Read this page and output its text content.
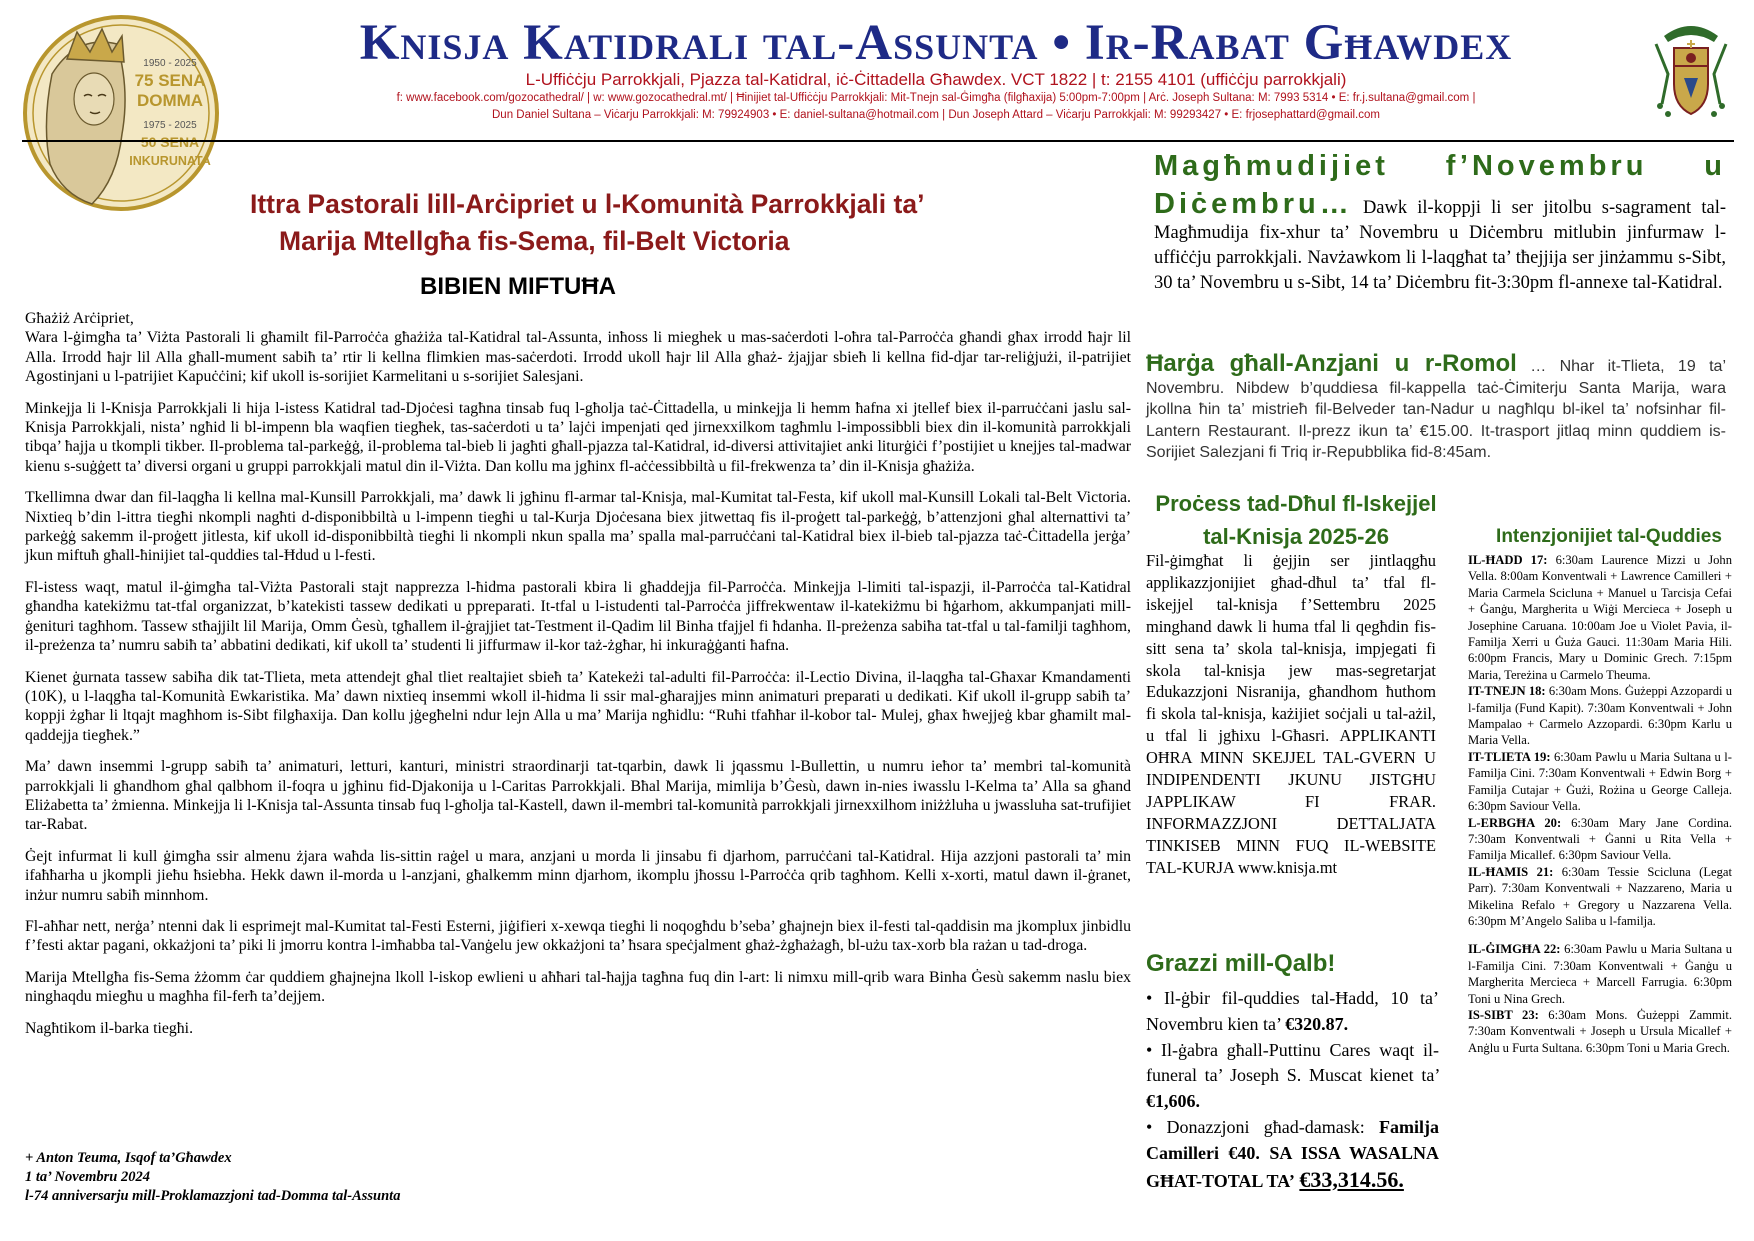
1950 - 2025
75 SENA
DOMMA
1975 - 2025
50 SENA
INKURUNATA
Knisja Katidrali tal-Assunta • Ir-Rabat Għawdex
L-Uffiċċju Parrokkjali, Pjazza tal-Katidral, iċ-Ċittadella Għawdex. VCT 1822 | t: 2155 4101 (uffiċċju parrokkjali)
f: www.facebook.com/gozocathedral/ | w: www.gozocathedral.mt/ | Ħinijiet tal-Uffiċċju Parrokkjali: Mit-Tnejn sal-Ġimgħa (filgħaxija) 5:00pm-7:00pm | Arċ. Joseph Sultana: M: 7993 5314 • E: fr.j.sultana@gmail.com |
Dun Daniel Sultana – Viċarju Parrokkjali: M: 79924903 • E: daniel-sultana@hotmail.com | Dun Joseph Attard – Viċarju Parrokkjali: M: 99293427 • E: frjosephattard@gmail.com
Ittra Pastorali lill-Arċipriet u l-Komunità Parrokkjali ta’
Marija Mtellgħa fis-Sema, fil-Belt Victoria
BIBIEN MIFTUĦA

Għażiż Arċipriet,

Wara l-ġimgħa ta’ Viżta Pastorali li għamilt fil-Parroċċa għażiża tal-Katidral tal-Assunta, inħoss li mieghek u mas-saċerdoti l-oħra tal-Parroċċa għandi għax irrodd ħajr lil Alla. Irrodd ħajr lil Alla għall-mument sabiħ ta’ rtir li kellna flimkien mas-saċerdoti. Irrodd ukoll ħajr lil Alla għaż- żjajjar sbieħ li kellna fid-djar tar-reliġjużi, il-patrijiet Agostinjani u l-patrijiet Kapuċċini; kif ukoll is-sorijiet Karmelitani u s-sorijiet Salesjani.

Minkejja li l-Knisja Parrokkjali li hija l-istess Katidral tad-Djoċesi tagħna tinsab fuq l-għolja taċ-Ċittadella, u minkejja li hemm ħafna xi jtellef biex il-parruċċani jaslu sal-Knisja Parrokkjali, nista’ ngħid li bl-impenn bla waqfien tiegħek, tas-saċerdoti u ta’ lajċi impenjati qed jirnexxilkom tagħmlu l-impossibbli biex din il-komunità parrokkjali tibqa’ ħajja u tkompli tikber. Il-problema tal-parkeġġ, il-problema tal-bieb li jagħti għall-pjazza tal-Katidral, id-diversi attivitajiet anki liturġiċi f’postijiet u knejjes tal-madwar kienu s-suġġett ta’ diversi organi u gruppi parrokkjali matul din il-Viżta. Dan kollu ma jgħinx fl-aċċessibbiltà u fil-frekwenza ta’ din il-Knisja għażiża.

Tkellimna dwar dan fil-laqgħa li kellna mal-Kunsill Parrokkjali, ma’ dawk li jgħinu fl-armar tal-Knisja, mal-Kumitat tal-Festa, kif ukoll mal-Kunsill Lokali tal-Belt Victoria. Nixtieq b’din l-ittra tiegħi nkompli nagħti d-disponibbiltà u l-impenn tiegħi u tal-Kurja Djoċesana biex jitwettaq fis il-proġett tal-parkeġġ, b’attenzjoni għal alternattivi ta’ parkeġġ sakemm il-proġett jitlesta, kif ukoll id-disponibbiltà tiegħi li nkompli nkun spalla ma’ spalla mal-parruċċani tal-Katidral biex il-bieb tal-pjazza taċ-Ċittadella jerġa’ jkun miftuħ għall-ħinijiet tal-quddies tal-Ħdud u l-festi.

Fl-istess waqt, matul il-ġimgħa tal-Viżta Pastorali stajt napprezza l-ħidma pastorali kbira li għaddejja fil-Parroċċa. Minkejja l-limiti tal-ispazji, il-Parroċċa tal-Katidral għandha katekiżmu tat-tfal organizzat, b’katekisti tassew dedikati u ppreparati. It-tfal u l-istudenti tal-Parroċċa jiffrekwentaw il-katekiżmu bi ħġarhom, akkumpanjati mill-ġenituri tagħhom. Tassew stħajjilt lil Marija, Omm Ġesù, tgħallem il-ġrajjiet tat-Testment il-Qadim lil Binha tfajjel fi ħdanha. Il-preżenza sabiħa tat-tfal u tal-familji tagħhom, il-preżenza ta’ numru sabiħ ta’ abbatini dedikati, kif ukoll ta’ studenti li jiffurmaw il-kor taż-żgħar, hi inkuraġġanti ħafna.

Kienet ġurnata tassew sabiħa dik tat-Tlieta, meta attendejt għal tliet realtajiet sbieħ ta’ Katekeżi tal-adulti fil-Parroċċa: il-Lectio Divina, il-laqgħa tal-Għaxar Kmandamenti (10K), u l-laqgħa tal-Komunità Ewkaristika. Ma’ dawn nixtieq insemmi wkoll il-ħidma li ssir mal-għarajjes minn animaturi preparati u dedikati. Kif ukoll il-grupp sabiħ ta’ koppji żgħar li ltqajt magħhom is-Sibt filgħaxija. Dan kollu jġegħelni ndur lejn Alla u ma’ Marija ngħidlu: “Ruħi tfaħħar il-kobor tal- Mulej, għax ħwejjeġ kbar għamilt mal-qaddejja tiegħek.”

Ma’ dawn insemmi l-grupp sabiħ ta’ animaturi, letturi, kanturi, ministri straordinarji tat-tqarbin, dawk li jqassmu l-Bullettin, u numru ieħor ta’ membri tal-komunità parrokkjali li għandhom għal qalbhom il-foqra u jgħinu fid-Djakonija u l-Caritas Parrokkjali. Bħal Marija, mimlija b’Ġesù, dawn in-nies iwasslu l-Kelma ta’ Alla sa għand Eliżabetta ta’ żmienna. Minkejja li l-Knisja tal-Assunta tinsab fuq l-għolja tal-Kastell, dawn il-membri tal-komunità parrokkjali jirnexxilhom iniżżluha u jwassluha sat-trufijiet tar-Rabat.

Ġejt infurmat li kull ġimgħa ssir almenu żjara waħda lis-sittin raġel u mara, anzjani u morda li jinsabu fi djarhom, parruċċani tal-Katidral. Hija azzjoni pastorali ta’ min ifaħħarha u jkompli jieħu ħsiebha. Hekk dawn il-morda u l-anzjani, għalkemm minn djarhom, ikomplu jħossu l-Parroċċa qrib tagħhom. Kelli x-xorti, matul dawn il-ġranet, inżur numru sabiħ minnhom.

Fl-aħħar nett, nerġa’ ntenni dak li esprimejt mal-Kumitat tal-Festi Esterni, jiġifieri x-xewqa tiegħi li noqogħdu b’seba’ għajnejn biex il-festi tal-qaddisin ma jkomplux jinbidlu f’festi aktar pagani, okkażjoni ta’ piki li jmorru kontra l-imħabba tal-Vanġelu jew okkażjoni ta’ ħsara speċjalment għaż-żgħażagħ, bl-użu tax-xorb bla rażan u tad-droga.

Marija Mtellgħa fis-Sema żżomm ċar quddiem għajnejna lkoll l-iskop ewlieni u aħħari tal-ħajja tagħna fuq din l-art: li nimxu mill-qrib wara Binha Ġesù sakemm naslu biex ninghaqdu miegħu u magħha fil-ferħ ta’dejjem.

Nagħtikom il-barka tiegħi.

+ Anton Teuma, Isqof ta’Għawdex
1 ta’ Novembru 2024
l-74 anniversarju mill-Proklamazzjoni tad-Domma tal-Assunta
Magħmudijiet f’Novembru u
Diċembru… Dawk il-koppji li ser jitolbu s-sagrament tal-Magħmudija fix-xhur ta’ Novembru u Diċembru mitlubin jinfurmaw l-uffiċċju parrokkjali. Navżawkom li l-laqgħat ta’ tħejjija ser jinżammu s-Sibt, 30 ta’ Novembru u s-Sibt, 14 ta’ Diċembru fit-3:30pm fl-annexe tal-Katidral.
Ħarġa għall-Anzjani u r-Romol … Nhar it-Tlieta, 19 ta’ Novembru. Nibdew b’quddiesa fil-kappella taċ-Ċimiterju Santa Marija, wara jkollna ħin ta’ mistrieħ fil-Belveder tan-Nadur u nagħlqu bl-ikel ta’ nofsinhar fil-Lantern Restaurant. Il-prezz ikun ta’ €15.00. It-trasport jitlaq minn quddiem is-Sorijiet Salezjani fi Triq ir-Repubblika fid-8:45am.
Proċess tad-Dħul fl-Iskejjel
tal-Knisja 2025-26
Fil-ġimgħat li ġejjin ser jintlaqgħu applikazzjonijiet għad-dħul ta’ tfal fl-iskejjel tal-knisja f’Settembru 2025 minghand dawk li huma tfal li qegħdin fis-sitt sena ta’ skola tal-knisja, impjegati fi skola tal-knisja jew mas-segretarjat Edukazzjoni Nisranija, għandhom ħuthom fi skola tal-knisja, każijiet soċjali u tal-ażil, u tfal li jgħixu l-Għasri. APPLIKANTI OĦRA MINN SKEJJEL TAL-GVERN U INDIPENDENTI JKUNU JISTGĦU JAPPLIKAW FI FRAR. INFORMAZZJONI DETTALJATA TINKISEB MINN FUQ IL-WEBSITE TAL-KURJA www.knisja.mt
Grazzi mill-Qalb!
• Il-ġbir fil-quddies tal-Ħadd, 10 ta’ Novembru kien ta’ €320.87.
• Il-ġabra għall-Puttinu Cares waqt il-funeral ta’ Joseph S. Muscat kienet ta’ €1,606.
• Donazzjoni għad-damask: Familja Camilleri €40. SA ISSA WASALNA GĦAT-TOTAL TA’ €33,314.56.
Intenzjonijiet tal-Quddies

IL-ĦADD 17: 6:30am Laurence Mizzi u John Vella. 8:00am Konventwali + Lawrence Camilleri + Maria Carmela Scicluna + Manuel u Tarcisja Cefai + Ġanġu, Margherita u Wiġi Mercieca + Joseph u Josephine Caruana. 10:00am Joe u Violet Pavia, il-Familja Xerri u Ġuża Gauci. 11:30am Maria Hili. 6:00pm Francis, Mary u Dominic Grech. 7:15pm Maria, Tereżina u Carmelo Theuma.

IT-TNEJN 18: 6:30am Mons. Ġużeppi Azzopardi u l-familja (Fund Kapit). 7:30am Konventwali + John Mampalao + Carmelo Azzopardi. 6:30pm Karlu u Maria Vella.

IT-TLIETA 19: 6:30am Pawlu u Maria Sultana u l-Familja Cini. 7:30am Konventwali + Edwin Borg + Familja Cutajar + Ġużi, Rożina u George Calleja. 6:30pm Saviour Vella.

L-ERBGĦA 20: 6:30am Mary Jane Cordina. 7:30am Konventwali + Ġanni u Rita Vella + Familja Micallef. 6:30pm Saviour Vella.

IL-ĦAMIS 21: 6:30am Tessie Scicluna (Legat Parr). 7:30am Konventwali + Nazzareno, Maria u Mikelina Refalo + Gregory u Nazzarena Vella. 6:30pm M’Angelo Saliba u l-familja.

IL-ĠIMGĦA 22: 6:30am Pawlu u Maria Sultana u l-Familja Cini. 7:30am Konventwali + Ġanġu u Margherita Mercieca + Marcell Farrugia. 6:30pm Toni u Nina Grech.

IS-SIBT 23: 6:30am Mons. Ġużeppi Zammit. 7:30am Konventwali + Joseph u Ursula Micallef + Anġlu u Furta Sultana. 6:30pm Toni u Maria Grech.
